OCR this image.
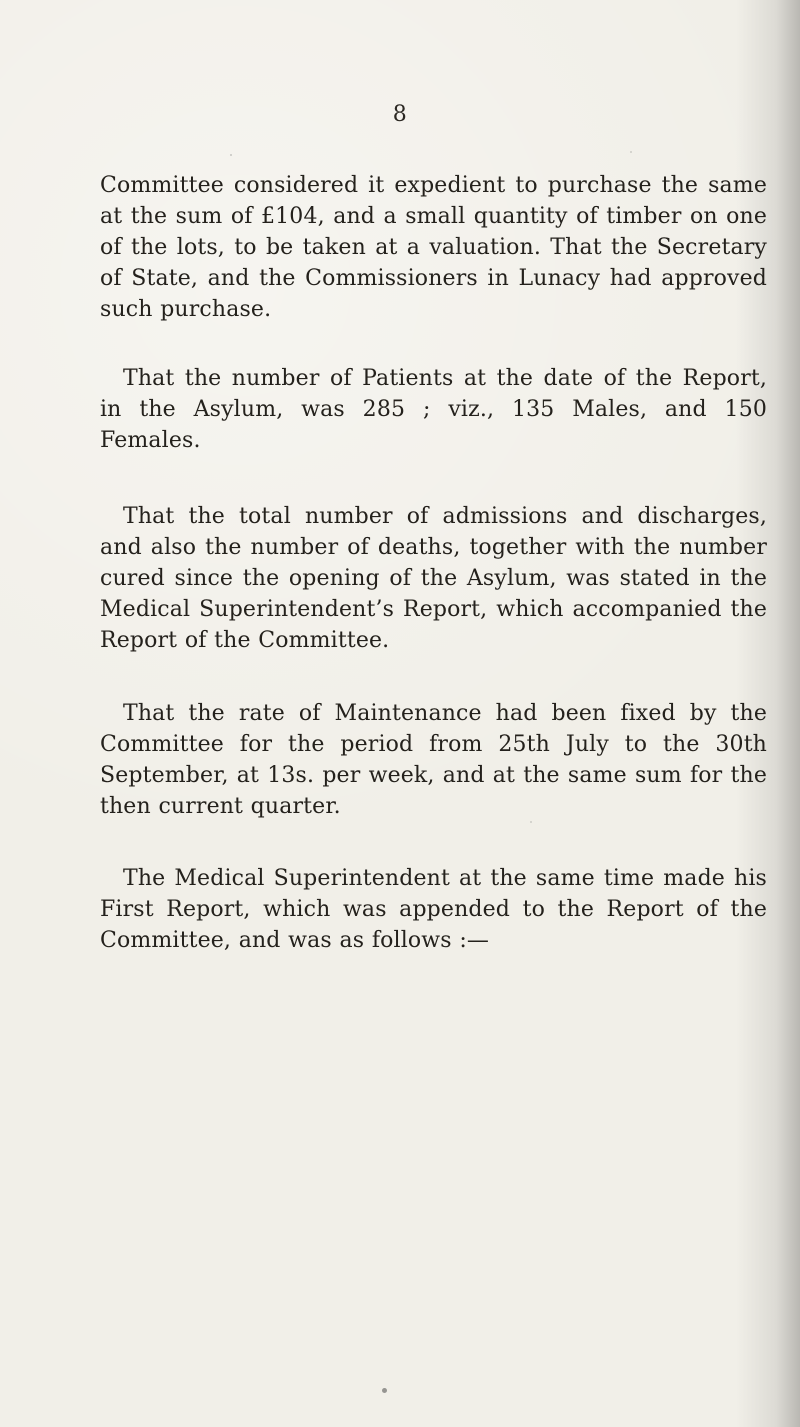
8

Committee considered it expedient to purchase the same at the sum of £104, and a small quantity of timber on one of the lots, to be taken at a valuation. That the Secretary of State, and the Commissioners in Lunacy had approved such purchase.

That the number of Patients at the date of the Report, in the Asylum, was 285 ; viz., 135 Males, and 150 Females.

That the total number of admissions and discharges, and also the number of deaths, together with the number cured since the opening of the Asylum, was stated in the Medical Superintendent’s Report, which accompanied the Report of the Committee.

That the rate of Maintenance had been fixed by the Committee for the period from 25th July to the 30th September, at 13s. per week, and at the same sum for the then current quarter.

The Medical Superintendent at the same time made his First Report, which was appended to the Report of the Committee, and was as follows :—
